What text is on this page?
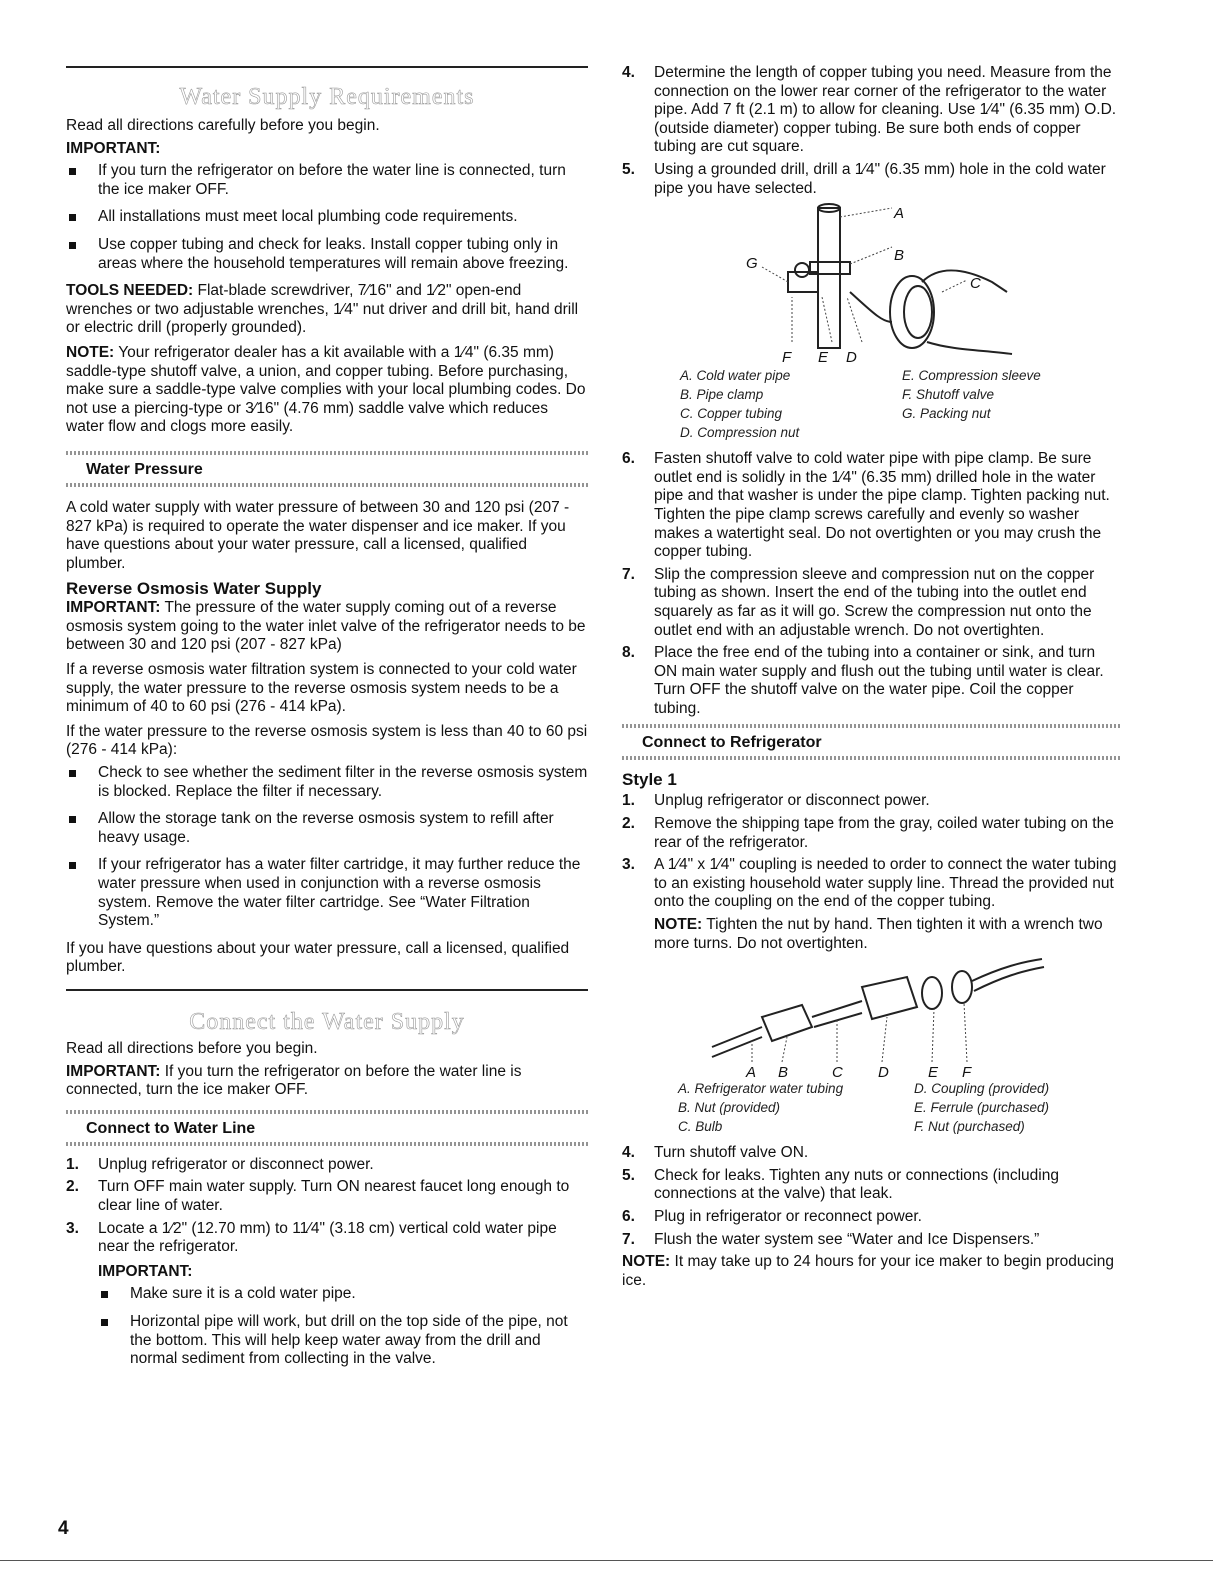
Water Supply Requirements

Read all directions carefully before you begin.

IMPORTANT:

If you turn the refrigerator on before the water line is connected, turn the ice maker OFF.
All installations must meet local plumbing code requirements.
Use copper tubing and check for leaks. Install copper tubing only in areas where the household temperatures will remain above freezing.

TOOLS NEEDED: Flat-blade screwdriver, 7⁄16" and 1⁄2" open-end wrenches or two adjustable wrenches, 1⁄4" nut driver and drill bit, hand drill or electric drill (properly grounded).

NOTE: Your refrigerator dealer has a kit available with a 1⁄4" (6.35 mm) saddle-type shutoff valve, a union, and copper tubing. Before purchasing, make sure a saddle-type valve complies with your local plumbing codes. Do not use a piercing-type or 3⁄16" (4.76 mm) saddle valve which reduces water flow and clogs more easily.

Water Pressure

A cold water supply with water pressure of between 30 and 120 psi (207 - 827 kPa) is required to operate the water dispenser and ice maker. If you have questions about your water pressure, call a licensed, qualified plumber.

Reverse Osmosis Water Supply

IMPORTANT: The pressure of the water supply coming out of a reverse osmosis system going to the water inlet valve of the refrigerator needs to be between 30 and 120 psi (207 - 827 kPa)

If a reverse osmosis water filtration system is connected to your cold water supply, the water pressure to the reverse osmosis system needs to be a minimum of 40 to 60 psi (276 - 414 kPa).

If the water pressure to the reverse osmosis system is less than 40 to 60 psi (276 - 414 kPa):

Check to see whether the sediment filter in the reverse osmosis system is blocked. Replace the filter if necessary.
Allow the storage tank on the reverse osmosis system to refill after heavy usage.
If your refrigerator has a water filter cartridge, it may further reduce the water pressure when used in conjunction with a reverse osmosis system. Remove the water filter cartridge. See “Water Filtration System.”

If you have questions about your water pressure, call a licensed, qualified plumber.

Connect the Water Supply

Read all directions before you begin.

IMPORTANT: If you turn the refrigerator on before the water line is connected, turn the ice maker OFF.

Connect to Water Line
1. Unplug refrigerator or disconnect power.
2. Turn OFF main water supply. Turn ON nearest faucet long enough to clear line of water.
3. Locate a 1⁄2" (12.70 mm) to 11⁄4" (3.18 cm) vertical cold water pipe near the refrigerator.
IMPORTANT:
Make sure it is a cold water pipe.
Horizontal pipe will work, but drill on the top side of the pipe, not the bottom. This will help keep water away from the drill and normal sediment from collecting in the valve.
4. Determine the length of copper tubing you need. Measure from the connection on the lower rear corner of the refrigerator to the water pipe. Add 7 ft (2.1 m) to allow for cleaning. Use 1⁄4" (6.35 mm) O.D. (outside diameter) copper tubing. Be sure both ends of copper tubing are cut square.
5. Using a grounded drill, drill a 1⁄4" (6.35 mm) hole in the cold water pipe you have selected.
A
B
C
D
E
F
G
A. Cold water pipe
B. Pipe clamp
C. Copper tubing
D. Compression nut
E. Compression sleeve
F. Shutoff valve
G. Packing nut
6. Fasten shutoff valve to cold water pipe with pipe clamp. Be sure outlet end is solidly in the 1⁄4" (6.35 mm) drilled hole in the water pipe and that washer is under the pipe clamp. Tighten packing nut. Tighten the pipe clamp screws carefully and evenly so washer makes a watertight seal. Do not overtighten or you may crush the copper tubing.
7. Slip the compression sleeve and compression nut on the copper tubing as shown. Insert the end of the tubing into the outlet end squarely as far as it will go. Screw the compression nut onto the outlet end with an adjustable wrench. Do not overtighten.
8. Place the free end of the tubing into a container or sink, and turn ON main water supply and flush out the tubing until water is clear. Turn OFF the shutoff valve on the water pipe. Coil the copper tubing.
Connect to Refrigerator
Style 1
1. Unplug refrigerator or disconnect power.
2. Remove the shipping tape from the gray, coiled water tubing on the rear of the refrigerator.
3. A 1⁄4" x 1⁄4" coupling is needed to order to connect the water tubing to an existing household water supply line. Thread the provided nut onto the coupling on the end of the copper tubing.
NOTE: Tighten the nut by hand. Then tighten it with a wrench two more turns. Do not overtighten.
A B	C D	E F
A. Refrigerator water tubing
B. Nut (provided)
C. Bulb
D. Coupling (provided)
E. Ferrule (purchased)
F. Nut (purchased)
4. Turn shutoff valve ON.
5. Check for leaks. Tighten any nuts or connections (including connections at the valve) that leak.
6. Plug in refrigerator or reconnect power.
7. Flush the water system see “Water and Ice Dispensers.”

NOTE: It may take up to 24 hours for your ice maker to begin producing ice.

4
